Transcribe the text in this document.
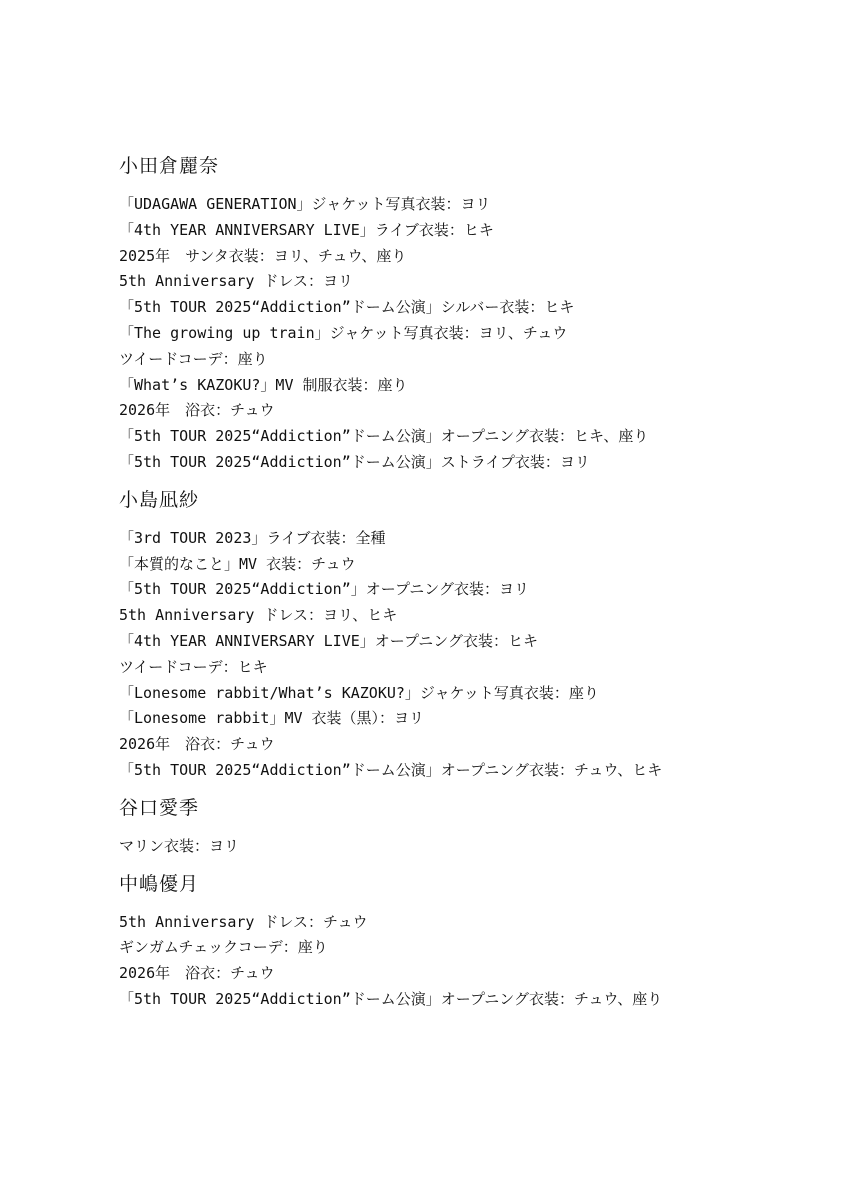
小田倉麗奈
「UDAGAWA GENERATION」ジャケット写真衣装：ヨリ
「4th YEAR ANNIVERSARY LIVE」ライブ衣装：ヒキ
2025年　サンタ衣装：ヨリ、チュウ、座り
5th Anniversary ドレス：ヨリ
「5th TOUR 2025“Addiction”ドーム公演」シルバー衣装：ヒキ
「The growing up train」ジャケット写真衣装：ヨリ、チュウ
ツイードコーデ：座り
「What’s KAZOKU?」MV 制服衣装：座り
2026年　浴衣：チュウ
「5th TOUR 2025“Addiction”ドーム公演」オープニング衣装：ヒキ、座り
「5th TOUR 2025“Addiction”ドーム公演」ストライプ衣装：ヨリ
小島凪紗
「3rd TOUR 2023」ライブ衣装：全種
「本質的なこと」MV 衣装：チュウ
「5th TOUR 2025“Addiction”」オープニング衣装：ヨリ
5th Anniversary ドレス：ヨリ、ヒキ
「4th YEAR ANNIVERSARY LIVE」オープニング衣装：ヒキ
ツイードコーデ：ヒキ
「Lonesome rabbit/What’s KAZOKU?」ジャケット写真衣装：座り
「Lonesome rabbit」MV 衣装（黒）：ヨリ
2026年　浴衣：チュウ
「5th TOUR 2025“Addiction”ドーム公演」オープニング衣装：チュウ、ヒキ
谷口愛季
マリン衣装：ヨリ
中嶋優月
5th Anniversary ドレス：チュウ
ギンガムチェックコーデ：座り
2026年　浴衣：チュウ
「5th TOUR 2025“Addiction”ドーム公演」オープニング衣装：チュウ、座り
